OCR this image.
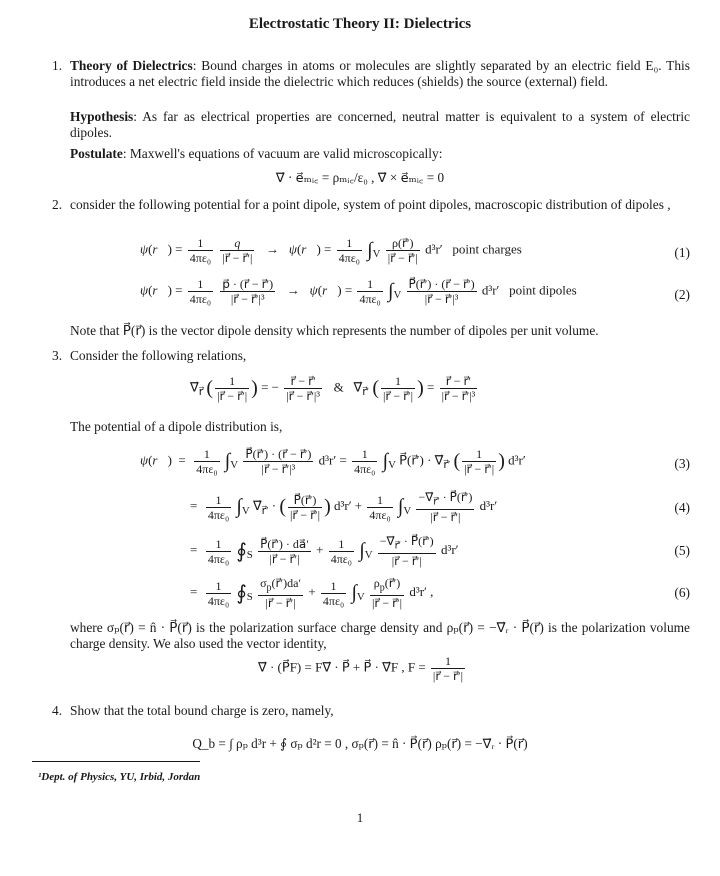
Electrostatic Theory II: Dielectrics
1. Theory of Dielectrics: Bound charges in atoms or molecules are slightly separated by an electric field E₀. This introduces a net electric field inside the dielectric which reduces (shields) the source (external) field.
Hypothesis: As far as electrical properties are concerned, neutral matter is equivalent to a system of electric dipoles.
Postulate: Maxwell's equations of vacuum are valid microscopically:
∇⃗ · e⃗ₘᵢ꜀ = ρₘᵢ꜀/ε₀ , ∇⃗ × e⃗ₘᵢ꜀ = 0
2. consider the following potential for a point dipole, system of point dipoles, macroscopic distribution of dipoles ,
ψ(r⃗) = $\frac{1}{\text{4πε₀}}$
$\frac{q}{|r⃗ - r⃗'|}$ →   ψ(r⃗) = $\frac{1}{\text{4πε₀}} \int_V \frac{\rho(r⃗')}{|r⃗ - r⃗'|} d^3r'$   point charges	(1)
ψ(r⃗) = $\frac{1}{\text{4πε₀}}$
$\frac{p⃗ \cdot (r⃗ - r⃗')}{\text{|r⃗ − r⃗′|³}}$ →   ψ(r⃗) = $\frac{1}{\text{4πε₀}} \int_V \frac{P⃗(r⃗') \cdot (r⃗ - r⃗')}{\text{|r⃗ − r⃗′|³}} d^3r'$   point dipoles	(2)
Note that P⃗(r⃗) is the vector dipole density which represents the number of dipoles per unit volume.
3. Consider the following relations,
$\nabla⃗_{r⃗}$ ( $\frac{1}{|r⃗ - r⃗'|}$ ) = − $\frac{r⃗ - r⃗'}{\text{|r⃗ − r⃗′|³}}$ &   $\nabla⃗_{r⃗'}$ ( $\frac{1}{|r⃗ - r⃗'|}$ ) = $\frac{r⃗ - r⃗'}{\text{|r⃗ − r⃗′|³}}$
The potential of a dipole distribution is,
ψ(r⃗)  = $\frac{1}{\text{4πε₀}} \int_V \frac{P⃗(r⃗') \cdot (r⃗ - r⃗')}{\text{|r⃗ − r⃗′|³}} d^3r' = \frac{1}{\text{4πε₀}} \int_V$ P⃗(r⃗′) · $\nabla⃗_{r⃗'}$ ( $\frac{1}{|r⃗ - r⃗'|}$ ) d³r′	(3)
= $\frac{1}{\text{4πε₀}} \int_V$ $\nabla⃗_{r⃗'}$ · ( $\frac{P⃗(r⃗')}{|r⃗ - r⃗'|}$ ) $d^3r' + \frac{1}{\text{4πε₀}} \int_V \frac{-\nabla⃗_{r⃗'} \cdot P⃗(r⃗')}{|r⃗ - r⃗'|} d^3r'$	(4)
= $\frac{1}{\text{4πε₀}}$ $∮_S \frac{P⃗(r⃗') \cdot da⃗'}{|r⃗ - r⃗'|} + \frac{1}{\text{4πε₀}} \int_V \frac{-\nabla⃗_{r⃗'} \cdot P⃗(r⃗')}{|r⃗ - r⃗'|} d^3r'$	(5)
= $\frac{1}{\text{4πε₀}}$ $∮_S \frac{\sigma_p(r⃗')da'}{|r⃗ - r⃗'|} + \frac{1}{\text{4πε₀}} \int_V \frac{\rho_p(r⃗')}{|r⃗ - r⃗'|} d^3r'$ ,	(6)
where σₚ(r⃗) = n̂ · P⃗(r⃗) is the polarization surface charge density and ρₚ(r⃗) = −∇⃗ᵣ · P⃗(r⃗) is the polarization volume charge density. We also used the vector identity,
∇⃗ · (P⃗F) = F∇⃗ · P⃗ + P⃗ · ∇⃗F , $F = \frac{1}{|r⃗ - r⃗'|}$
4. Show that the total bound charge is zero, namely,
Q_b = ∫ ρₚ d³r + ∮ σₚ d²r = 0 , σₚ(r⃗) = n̂ · P⃗(r⃗) ρₚ(r⃗) = −∇⃗ᵣ · P⃗(r⃗)
¹Dept. of Physics, YU, Irbid, Jordan
1
